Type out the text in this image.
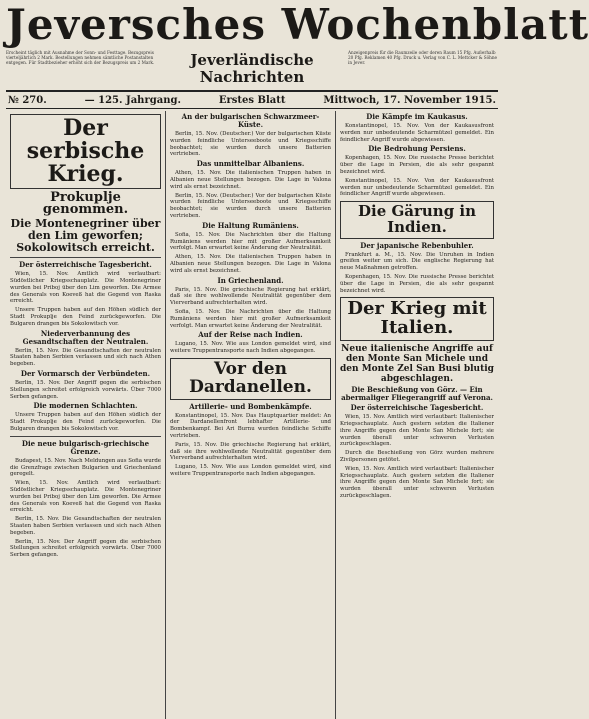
Jeversches Wochenblatt
Erscheint täglich mit Ausnahme der Sonn- und Festtage. Bezugspreis vierteljährlich 2 Mark. Bestellungen nehmen sämtliche Postanstalten entgegen. Für Stadtbezieher erhöht sich der Bezugspreis um 2 Mark.	Jeverländische
Nachrichten
Anzeigenpreis für die Raumzeile oder deren Raum 15 Pfg. Außerhalb 20 Pfg. Reklamen 40 Pfg. Druck u. Verlag von C. L. Mettcker & Söhne in Jever.
№ 270.	— 125. Jahrgang.	Erstes Blatt	Mittwoch, 17. November 1915.
Der serbische Krieg.
Prokuplje genommen.
Die Montenegriner über den Lim geworfen; Sokolowitsch erreicht.
Der österreichische Tagesbericht.

Wien, 15. Nov. Amtlich wird verlautbart: Südöstlicher Kriegsschauplatz. Die Montenegriner wurden bei Priboj über den Lim geworfen. Die Armee des Generals von Koeveß hat die Gegend von Raska erreicht.

Unsere Truppen haben auf den Höhen südlich der Stadt Prokuplje den Feind zurückgeworfen. Die Bulgaren drangen bis Sokolowitsch vor.

Niederverbannung des Gesandtschaften der Neutralen.

Berlin, 15. Nov. Die Gesandtschaften der neutralen Staaten haben Serbien verlassen und sich nach Athen begeben.

Der Vormarsch der Verbündeten.

Berlin, 15. Nov. Der Angriff gegen die serbischen Stellungen schreitet erfolgreich vorwärts. Über 7000 Serben gefangen.

Die modernen Schlachten.

Unsere Truppen haben auf den Höhen südlich der Stadt Prokuplje den Feind zurückgeworfen. Die Bulgaren drangen bis Sokolowitsch vor.

Die neue bulgarisch-griechische Grenze.

Budapest, 15. Nov. Nach Meldungen aus Sofia wurde die Grenzfrage zwischen Bulgarien und Griechenland geregelt.

Wien, 15. Nov. Amtlich wird verlautbart: Südöstlicher Kriegsschauplatz. Die Montenegriner wurden bei Priboj über den Lim geworfen. Die Armee des Generals von Koeveß hat die Gegend von Raska erreicht.

Berlin, 15. Nov. Die Gesandtschaften der neutralen Staaten haben Serbien verlassen und sich nach Athen begeben.

Berlin, 15. Nov. Der Angriff gegen die serbischen Stellungen schreitet erfolgreich vorwärts. Über 7000 Serben gefangen.

An der bulgarischen Schwarzmeer-Küste.

Berlin, 15. Nov. (Deutscher.) Vor der bulgarischen Küste wurden feindliche Unterseeboote und Kriegsschiffe beobachtet; sie wurden durch unsere Batterien vertrieben.

Das unmittelbar Albaniens.

Athen, 15. Nov. Die italienischen Truppen haben in Albanien neue Stellungen bezogen. Die Lage in Valona wird als ernst bezeichnet.

Berlin, 15. Nov. (Deutscher.) Vor der bulgarischen Küste wurden feindliche Unterseeboote und Kriegsschiffe beobachtet; sie wurden durch unsere Batterien vertrieben.

Die Haltung Rumäniens.

Sofia, 15. Nov. Die Nachrichten über die Haltung Rumäniens werden hier mit großer Aufmerksamkeit verfolgt. Man erwartet keine Änderung der Neutralität.

Athen, 15. Nov. Die italienischen Truppen haben in Albanien neue Stellungen bezogen. Die Lage in Valona wird als ernst bezeichnet.

In Griechenland.

Paris, 15. Nov. Die griechische Regierung hat erklärt, daß sie ihre wohlwollende Neutralität gegenüber dem Vierverband aufrechterhalten wird.

Sofia, 15. Nov. Die Nachrichten über die Haltung Rumäniens werden hier mit großer Aufmerksamkeit verfolgt. Man erwartet keine Änderung der Neutralität.

Auf der Reise nach Indien.

Lugano, 15. Nov. Wie aus London gemeldet wird, sind weitere Truppentransporte nach Indien abgegangen.

Vor den Dardanellen.
Artillerie- und Bombenkämpfe.

Konstantinopel, 15. Nov. Das Hauptquartier meldet: An der Dardanellenfront lebhafter Artillerie- und Bombenkampf. Bei Ari Burnu wurden feindliche Schiffe vertrieben.

Paris, 15. Nov. Die griechische Regierung hat erklärt, daß sie ihre wohlwollende Neutralität gegenüber dem Vierverband aufrechterhalten wird.

Lugano, 15. Nov. Wie aus London gemeldet wird, sind weitere Truppentransporte nach Indien abgegangen.

Die Kämpfe im Kaukasus.

Konstantinopel, 15. Nov. Von der Kaukasusfront werden nur unbedeutende Scharmützel gemeldet. Ein feindlicher Angriff wurde abgewiesen.

Die Bedrohung Persiens.

Kopenhagen, 15. Nov. Die russische Presse berichtet über die Lage in Persien, die als sehr gespannt bezeichnet wird.

Konstantinopel, 15. Nov. Von der Kaukasusfront werden nur unbedeutende Scharmützel gemeldet. Ein feindlicher Angriff wurde abgewiesen.

Die Gärung in Indien.
Der japanische Rebenbuhler.

Frankfurt a. M., 15. Nov. Die Unruhen in Indien greifen weiter um sich. Die englische Regierung hat neue Maßnahmen getroffen.

Kopenhagen, 15. Nov. Die russische Presse berichtet über die Lage in Persien, die als sehr gespannt bezeichnet wird.

Der Krieg mit Italien.
Neue italienische Angriffe auf den Monte San Michele und den Monte Zel San Busi blutig abgeschlagen.
Die Beschießung von Görz. — Ein abermaliger Fliegerangriff auf Verona.
Der österreichische Tagesbericht.

Wien, 15. Nov. Amtlich wird verlautbart: Italienischer Kriegsschauplatz. Auch gestern setzten die Italiener ihre Angriffe gegen den Monte San Michele fort; sie wurden überall unter schweren Verlusten zurückgeschlagen.

Durch die Beschießung von Görz wurden mehrere Zivilpersonen getötet.

Wien, 15. Nov. Amtlich wird verlautbart: Italienischer Kriegsschauplatz. Auch gestern setzten die Italiener ihre Angriffe gegen den Monte San Michele fort; sie wurden überall unter schweren Verlusten zurückgeschlagen.
